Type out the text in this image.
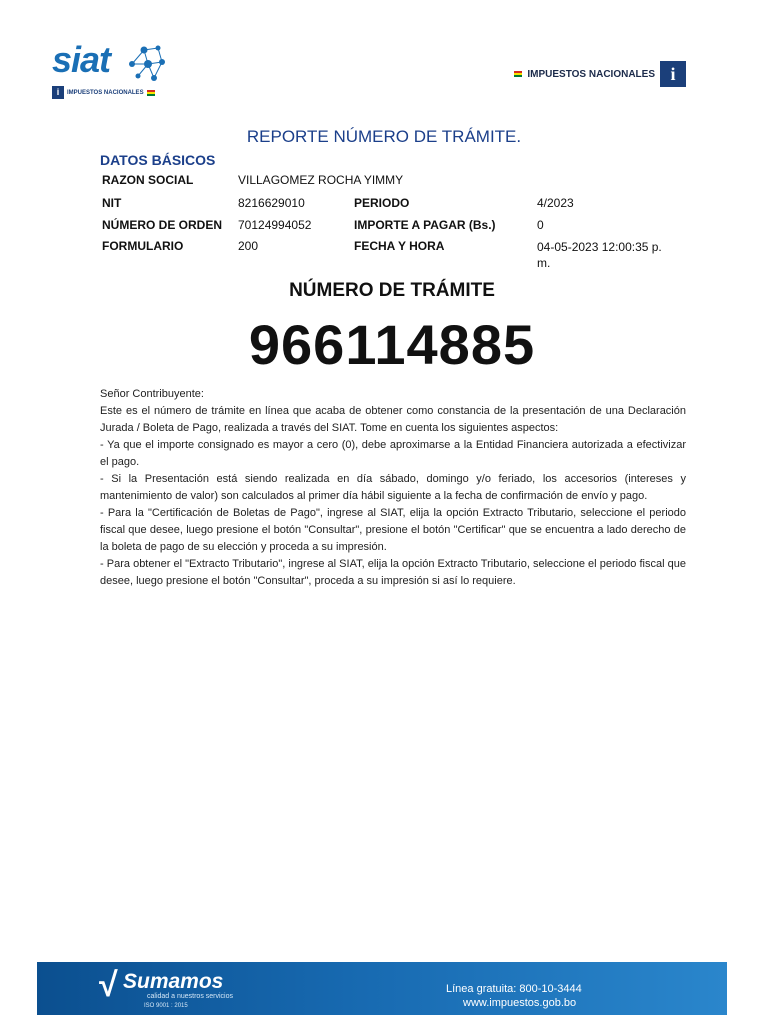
siat
i	IMPUESTOS NACIONALES
IMPUESTOS NACIONALES i
REPORTE NÚMERO DE TRÁMITE.
DATOS BÁSICOS
RAZON SOCIAL	VILLAGOMEZ ROCHA YIMMY
NIT	8216629010	PERIODO	4/2023
NÚMERO DE ORDEN 70124994052	IMPORTE A PAGAR (Bs.)	0
FORMULARIO	200	FECHA Y HORA	04-05-2023 12:00:35 p. m.
NÚMERO DE TRÁMITE
966114885

Señor Contribuyente:

Este es el número de trámite en línea que acaba de obtener como constancia de la presentación de una Declaración Jurada / Boleta de Pago, realizada a través del SIAT. Tome en cuenta los siguientes aspectos:

- Ya que el importe consignado es mayor a cero (0), debe aproximarse a la Entidad Financiera autorizada a efectivizar el pago.

- Si la Presentación está siendo realizada en día sábado, domingo y/o feriado, los accesorios (intereses y mantenimiento de valor) son calculados al primer día hábil siguiente a la fecha de confirmación de envío y pago.

- Para la "Certificación de Boletas de Pago", ingrese al SIAT, elija la opción Extracto Tributario, seleccione el periodo fiscal que desee, luego presione el botón "Consultar", presione el botón "Certificar" que se encuentra a lado derecho de la boleta de pago de su elección y proceda a su impresión.

- Para obtener el "Extracto Tributario", ingrese al SIAT, elija la opción Extracto Tributario, seleccione el periodo fiscal que desee, luego presione el botón "Consultar", proceda a su impresión si así lo requiere.

√ Sumamos
calidad a nuestros servicios
ISO 9001 : 2015
Línea gratuita: 800-10-3444
www.impuestos.gob.bo
